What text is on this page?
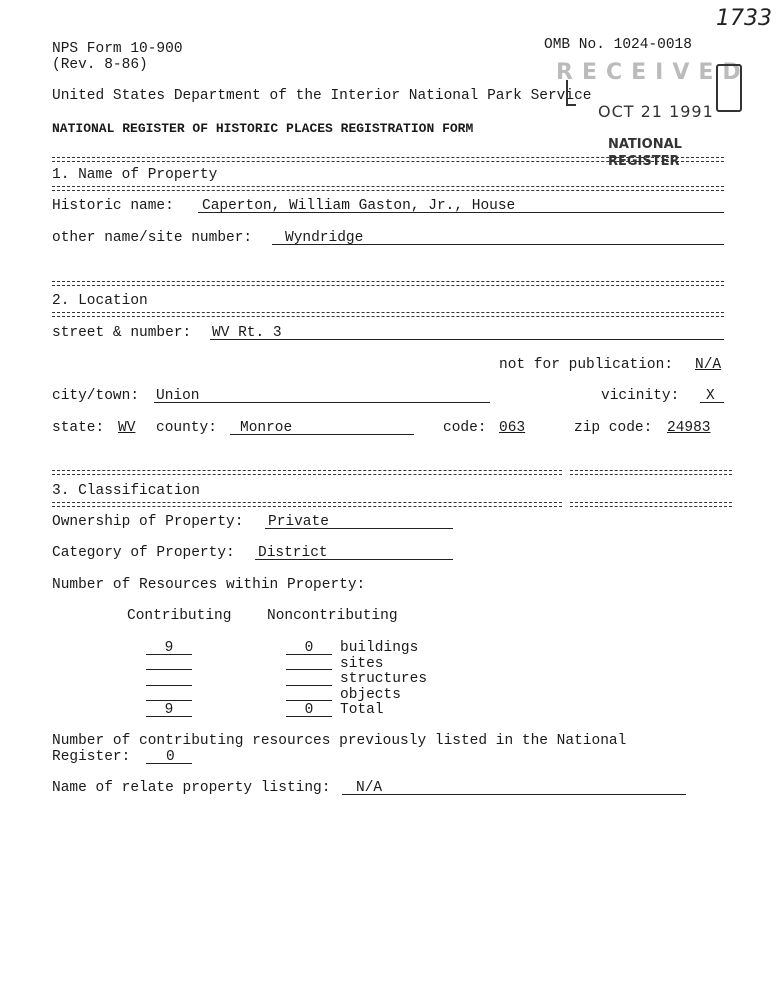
1733
NPS Form 10-900
(Rev. 8-86)
OMB No. 1024-0018
United States Department of the Interior National Park Service
NATIONAL REGISTER OF HISTORIC PLACES REGISTRATION FORM
RECEIVED
OCT 21 1991
NATIONAL
REGISTER
1. Name of Property
Historic name: Caperton, William Gaston, Jr., House
other name/site number: Wyndridge
2. Location
street & number: WV Rt. 3
not for publication: N/A
city/town: Union	vicinity: X
state: WV county: Monroe	code: 063	zip code: 24983
3. Classification
Ownership of Property: Private
Category of Property: District
Number of Resources within Property:
Contributing Noncontributing
9	0	buildings
sites
structures
objects
9	0	Total
Number of contributing resources previously listed in the National
Register: 0
Name of relate property listing: N/A
